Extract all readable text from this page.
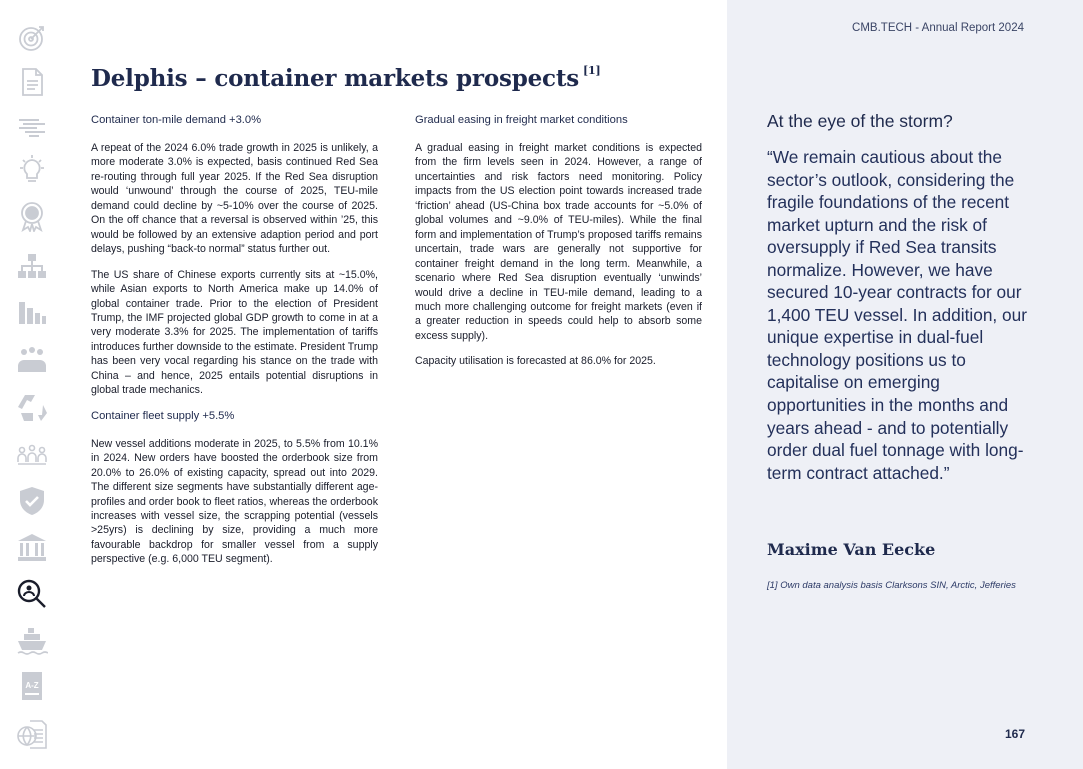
A-Z
Delphis – container markets prospects [1]
Container ton-mile demand +3.0%

A repeat of the 2024 6.0% trade growth in 2025 is unlikely, a more moderate 3.0% is expected, basis continued Red Sea re-routing through full year 2025. If the Red Sea disruption would ‘unwound’ through the course of 2025, TEU-mile demand could decline by ~5-10% over the course of 2025. On the off chance that a reversal is observed within ’25, this would be followed by an extensive adaption period and port delays, pushing “back-to normal” status further out.

The US share of Chinese exports currently sits at ~15.0%, while Asian exports to North America make up 14.0% of global container trade. Prior to the election of President Trump, the IMF projected global GDP growth to come in at a very moderate 3.3% for 2025. The implementation of tariffs introduces further downside to the estimate. President Trump has been very vocal regarding his stance on the trade with China – and hence, 2025 entails potential disruptions in global trade mechanics.

Container fleet supply +5.5%

New vessel additions moderate in 2025, to 5.5% from 10.1% in 2024. New orders have boosted the orderbook size from 20.0% to 26.0% of existing capacity, spread out into 2029. The different size segments have substantially different age-profiles and order book to fleet ratios, whereas the orderbook increases with vessel size, the scrapping potential (vessels >25yrs) is declining by size, providing a much more favourable backdrop for smaller vessel from a supply perspective (e.g. 6,000 TEU segment).

Gradual easing in freight market conditions

A gradual easing in freight market conditions is expected from the firm levels seen in 2024. However, a range of uncertainties and risk factors need monitoring. Policy impacts from the US election point towards increased trade ‘friction’ ahead (US-China box trade accounts for ~5.0% of global volumes and ~9.0% of TEU-miles). While the final form and implementation of Trump’s proposed tariffs remains uncertain, trade wars are generally not supportive for container freight demand in the long term. Meanwhile, a scenario where Red Sea disruption eventually ‘unwinds’ would drive a decline in TEU-mile demand, leading to a much more challenging outcome for freight markets (even if a greater reduction in speeds could help to absorb some excess supply).

Capacity utilisation is forecasted at 86.0% for 2025.

CMB.TECH - Annual Report 2024
At the eye of the storm?
“We remain cautious about the sector’s outlook, considering the fragile foundations of the recent market upturn and the risk of oversupply if Red Sea transits normalize. However, we have secured 10-year contracts for our 1,400 TEU vessel. In addition, our unique expertise in dual-fuel technology positions us to capitalise on emerging opportunities in the months and years ahead - and to potentially order dual fuel tonnage with long-term contract attached.”
Maxime Van Eecke
[1] Own data analysis basis Clarksons SIN, Arctic, Jefferies
167
